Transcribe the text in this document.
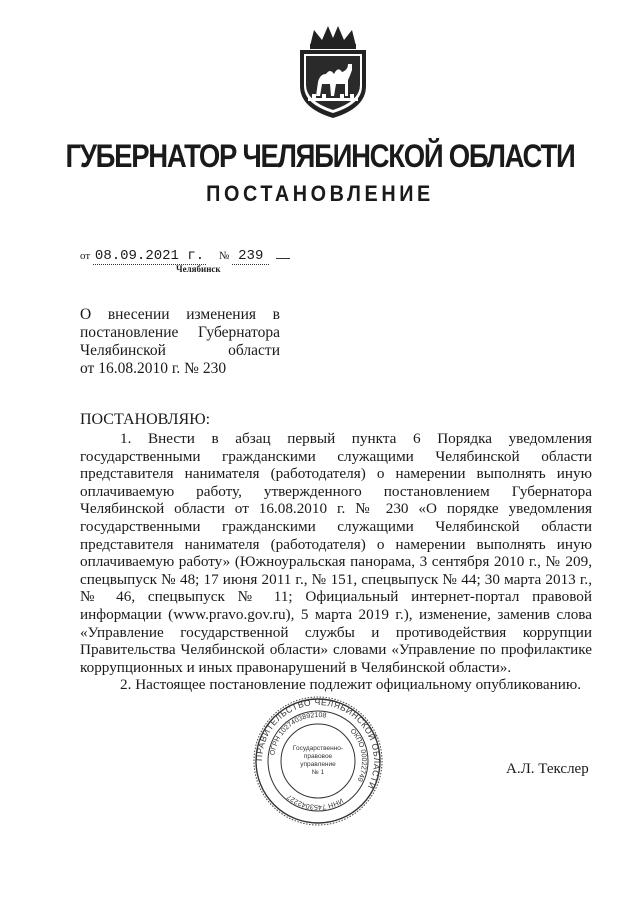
ГУБЕРНАТОР ЧЕЛЯБИНСКОЙ ОБЛАСТИ
ПОСТАНОВЛЕНИЕ
от 08.09.2021 г. № 239
Челябинск
О внесении изменения в
постановление Губернатора
Челябинской области
от 16.08.2010 г. № 230
ПОСТАНОВЛЯЮ:
1. Внести в абзац первый пункта 6 Порядка уведомления
государственными гражданскими служащими Челябинской области
представителя нанимателя (работодателя) о намерении выполнять иную
оплачиваемую работу, утвержденного постановлением Губернатора
Челябинской области от 16.08.2010 г. № 230 «О порядке уведомления
государственными гражданскими служащими Челябинской области
представителя нанимателя (работодателя) о намерении выполнять иную
оплачиваемую работу» (Южноуральская панорама, 3 сентября 2010 г., № 209,
спецвыпуск № 48; 17 июня 2011 г., № 151, спецвыпуск № 44; 30 марта 2013 г.,
№ 46, спецвыпуск № 11; Официальный интернет-портал правовой
информации (www.pravo.gov.ru), 5 марта 2019 г.), изменение, заменив слова
«Управление государственной службы и противодействия коррупции
Правительства Челябинской области» словами «Управление по профилактике
коррупционных и иных правонарушений в Челябинской области».
2. Настоящее постановление подлежит официальному опубликованию.
ПРАВИТЕЛЬСТВО ЧЕЛЯБИНСКОЙ ОБЛАСТИ
ОГРН 1027403892108
ОКПО 00022749
ИНН 7453042227
Государственно-
правовое
управление
№ 1	А.Л. Текслер
